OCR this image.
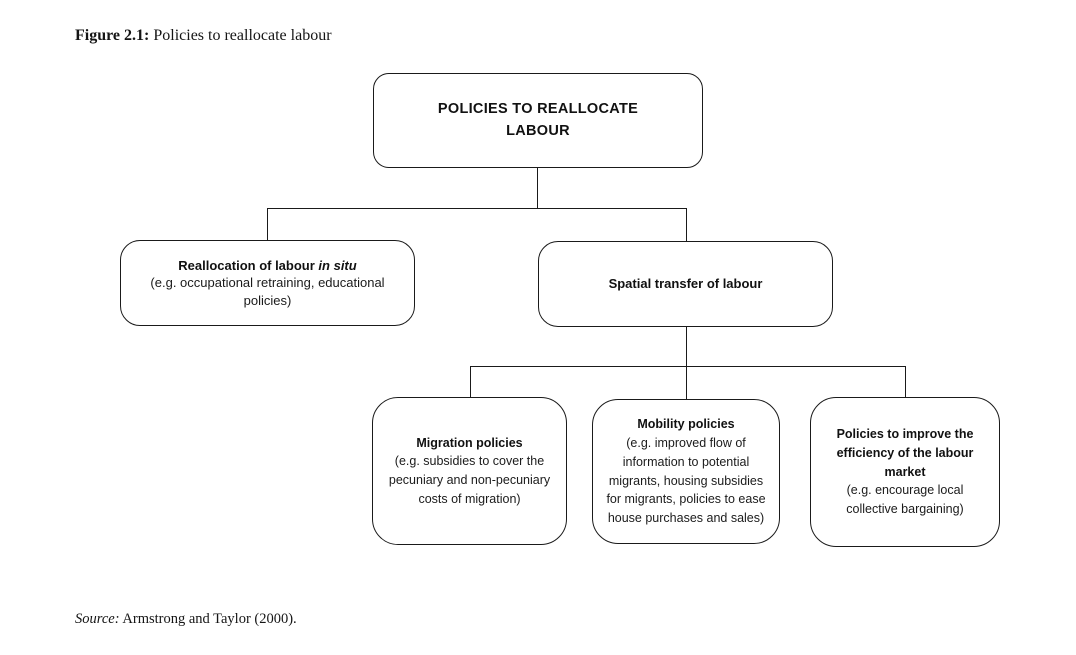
Figure 2.1: Policies to reallocate labour
POLICIES TO REALLOCATE LABOUR
Reallocation of labour in situ
(e.g. occupational retraining, educational policies)
Spatial transfer of labour
Migration policies
(e.g. subsidies to cover the pecuniary and non-pecuniary costs of migration)
Mobility policies
(e.g. improved flow of information to potential migrants, housing subsidies for migrants, policies to ease house purchases and sales)
Policies to improve the efficiency of the labour market
(e.g. encourage local collective bargaining)
Source: Armstrong and Taylor (2000).
